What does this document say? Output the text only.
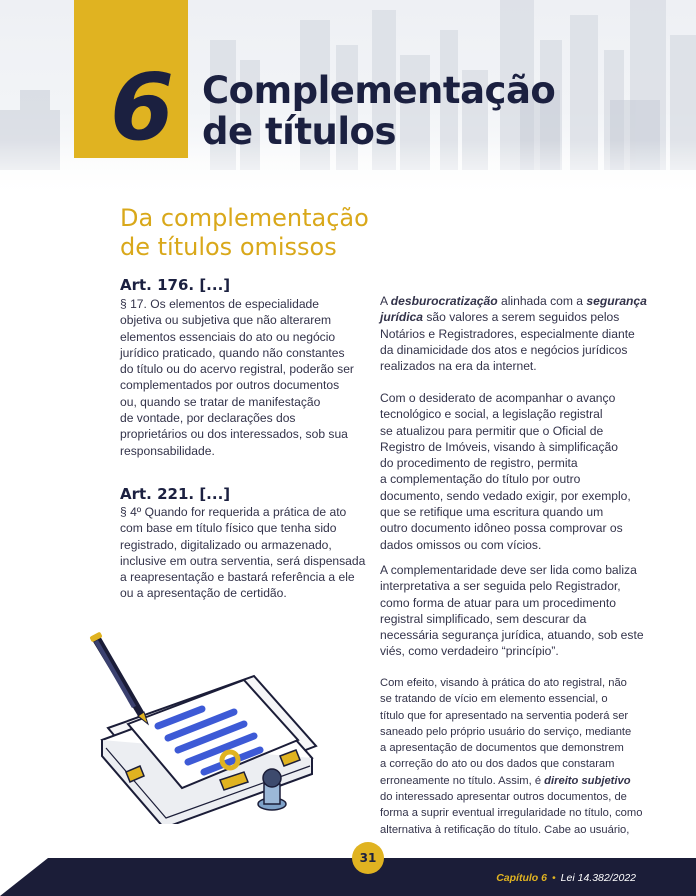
6 Complementação
de títulos
Da complementação
de títulos omissos
Art. 176. [...]
§ 17. Os elementos de especialidade
objetiva ou subjetiva que não alterarem
elementos essenciais do ato ou negócio
jurídico praticado, quando não constantes
do título ou do acervo registral, poderão ser
complementados por outros documentos
ou, quando se tratar de manifestação
de vontade, por declarações dos
proprietários ou dos interessados, sob sua
responsabilidade.
Art. 221. [...]
§ 4º Quando for requerida a prática de ato
com base em título físico que tenha sido
registrado, digitalizado ou armazenado,
inclusive em outra serventia, será dispensada
a reapresentação e bastará referência a ele
ou a apresentação de certidão.
A desburocratização alinhada com a segurança
jurídica são valores a serem seguidos pelos
Notários e Registradores, especialmente diante
da dinamicidade dos atos e negócios jurídicos
realizados na era da internet.
Com o desiderato de acompanhar o avanço
tecnológico e social, a legislação registral
se atualizou para permitir que o Oficial de
Registro de Imóveis, visando à simplificação
do procedimento de registro, permita
a complementação do título por outro
documento, sendo vedado exigir, por exemplo,
que se retifique uma escritura quando um
outro documento idôneo possa comprovar os
dados omissos ou com vícios.
A complementaridade deve ser lida como baliza
interpretativa a ser seguida pelo Registrador,
como forma de atuar para um procedimento
registral simplificado, sem descurar da
necessária segurança jurídica, atuando, sob este
viés, como verdadeiro “princípio”.
Com efeito, visando à prática do ato registral, não
se tratando de vício em elemento essencial, o
título que for apresentado na serventia poderá ser
saneado pelo próprio usuário do serviço, mediante
a apresentação de documentos que demonstrem
a correção do ato ou dos dados que constaram
erroneamente no título. Assim, é direito subjetivo
do interessado apresentar outros documentos, de
forma a suprir eventual irregularidade no título, como
alternativa à retificação do título. Cabe ao usuário,
31
Capítulo 6 • Lei 14.382/2022
